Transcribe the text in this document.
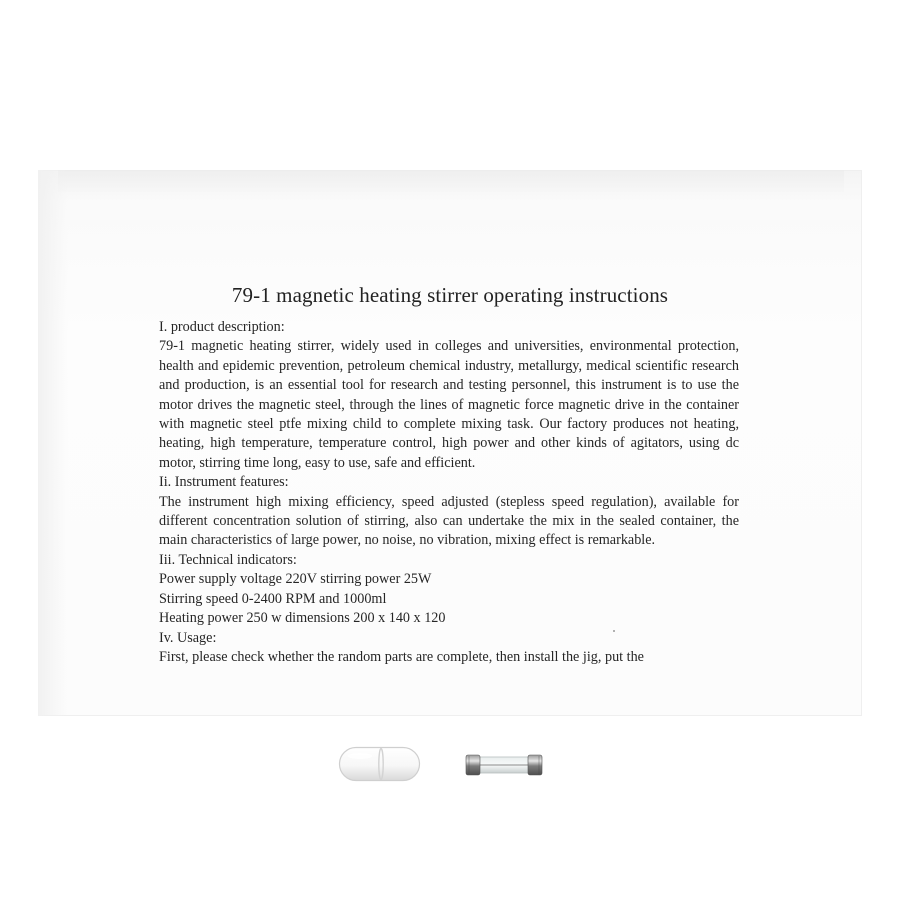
79-1 magnetic heating stirrer operating instructions

I. product description:

79-1 magnetic heating stirrer, widely used in colleges and universities, environmental protection, health and epidemic prevention, petroleum chemical industry, metallurgy, medical scientific research and production, is an essential tool for research and testing personnel, this instrument is to use the motor drives the magnetic steel, through the lines of magnetic force magnetic drive in the container with magnetic steel ptfe mixing child to complete mixing task. Our factory produces not heating, heating, high temperature, temperature control, high power and other kinds of agitators, using dc motor, stirring time long, easy to use, safe and efficient.

Ii. Instrument features:

The instrument high mixing efficiency, speed adjusted (stepless speed regulation), available for different concentration solution of stirring, also can undertake the mix in the sealed container, the main characteristics of large power, no noise, no vibration, mixing effect is remarkable.

Iii. Technical indicators:

Power supply voltage 220V stirring power 25W

Stirring speed 0-2400 RPM and 1000ml

Heating power 250 w dimensions 200 x 140 x 120

Iv. Usage:

First, please check whether the random parts are complete, then install the jig, put the
